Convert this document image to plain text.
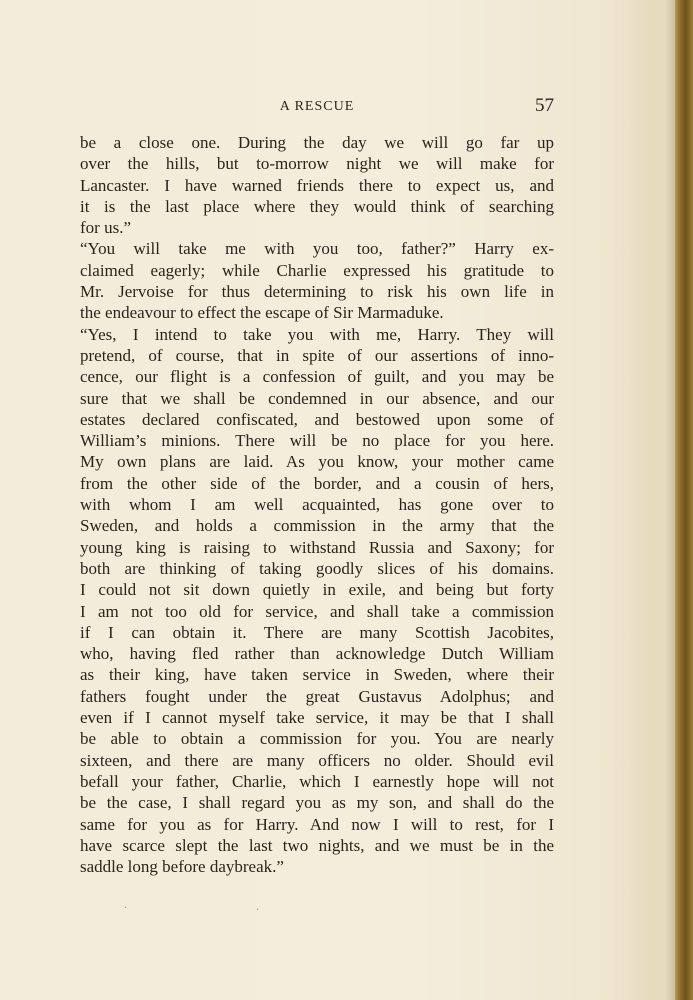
A RESCUE	57
be a close one. During the day we will go far up
over the hills, but to-morrow night we will make for
Lancaster. I have warned friends there to expect us, and
it is the last place where they would think of searching
for us.”
“You will take me with you too, father?” Harry ex-
claimed eagerly; while Charlie expressed his gratitude to
Mr. Jervoise for thus determining to risk his own life in
the endeavour to effect the escape of Sir Marmaduke.
“Yes, I intend to take you with me, Harry. They will
pretend, of course, that in spite of our assertions of inno-
cence, our flight is a confession of guilt, and you may be
sure that we shall be condemned in our absence, and our
estates declared confiscated, and bestowed upon some of
William’s minions. There will be no place for you here.
My own plans are laid. As you know, your mother came
from the other side of the border, and a cousin of hers,
with whom I am well acquainted, has gone over to
Sweden, and holds a commission in the army that the
young king is raising to withstand Russia and Saxony; for
both are thinking of taking goodly slices of his domains.
I could not sit down quietly in exile, and being but forty
I am not too old for service, and shall take a commission
if I can obtain it. There are many Scottish Jacobites,
who, having fled rather than acknowledge Dutch William
as their king, have taken service in Sweden, where their
fathers fought under the great Gustavus Adolphus; and
even if I cannot myself take service, it may be that I shall
be able to obtain a commission for you. You are nearly
sixteen, and there are many officers no older. Should evil
befall your father, Charlie, which I earnestly hope will not
be the case, I shall regard you as my son, and shall do the
same for you as for Harry. And now I will to rest, for I
have scarce slept the last two nights, and we must be in the
saddle long before daybreak.”
·	·
